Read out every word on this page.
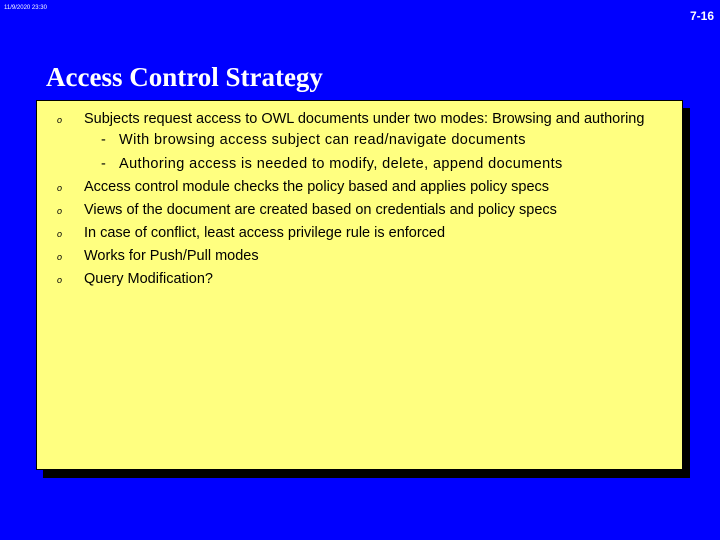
11/9/2020 23:30
7-16
Access Control Strategy
o Subjects request access to OWL documents under two modes: Browsing and authoring
- With browsing access subject can read/navigate documents
- Authoring access is needed to modify, delete, append documents
o Access control module checks the policy based and applies policy specs
o Views of the document are created based on credentials and policy specs
o In case of conflict, least access privilege rule is enforced
o Works for Push/Pull modes
o Query Modification?
